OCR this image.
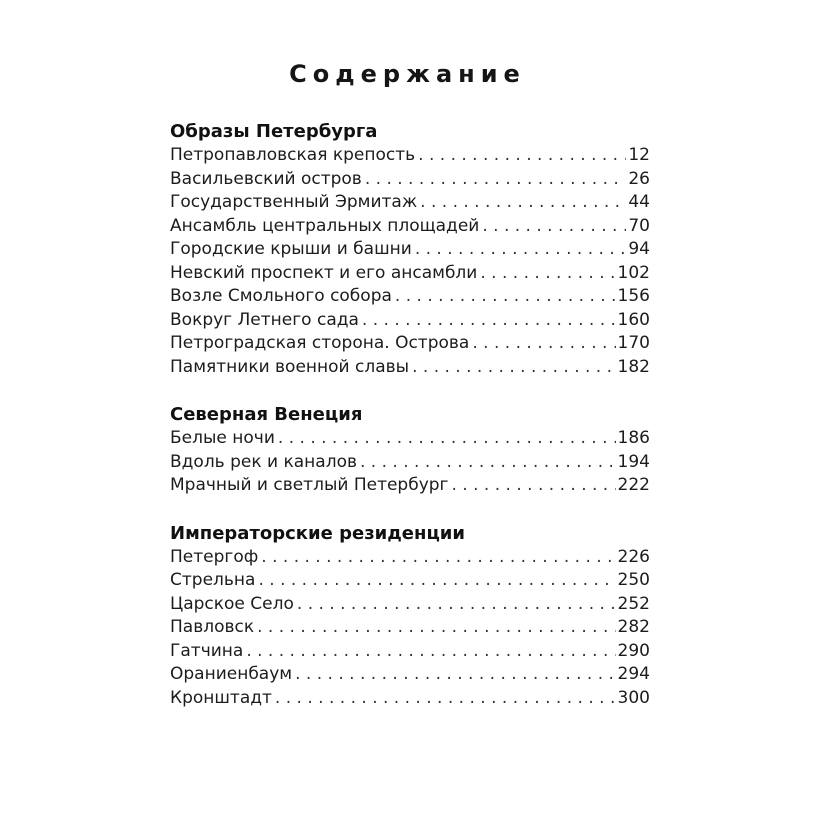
Содержание
Образы Петербурга
Петропавловская крепость . . .	12
Васильевский остров . . .	26
Государственный Эрмитаж . . .	44
Ансамбль центральных площадей . . .	70
Городские крыши и башни . . .	94
Невский проспект и его ансамбли . . .	102
Возле Смольного собора . . .	156
Вокруг Летнего сада . . .	160
Петроградская сторона. Острова . . .	170
Памятники военной славы . . .	182
Северная Венеция
Белые ночи . . .	186
Вдоль рек и каналов . . .	194
Мрачный и светлый Петербург . . .	222
Императорские резиденции
Петергоф . . .	226
Стрельна . . .	250
Царское Село . . .	252
Павловск . . .	282
Гатчина . . .	290
Ораниенбаум . . .	294
Кронштадт . . .	300
